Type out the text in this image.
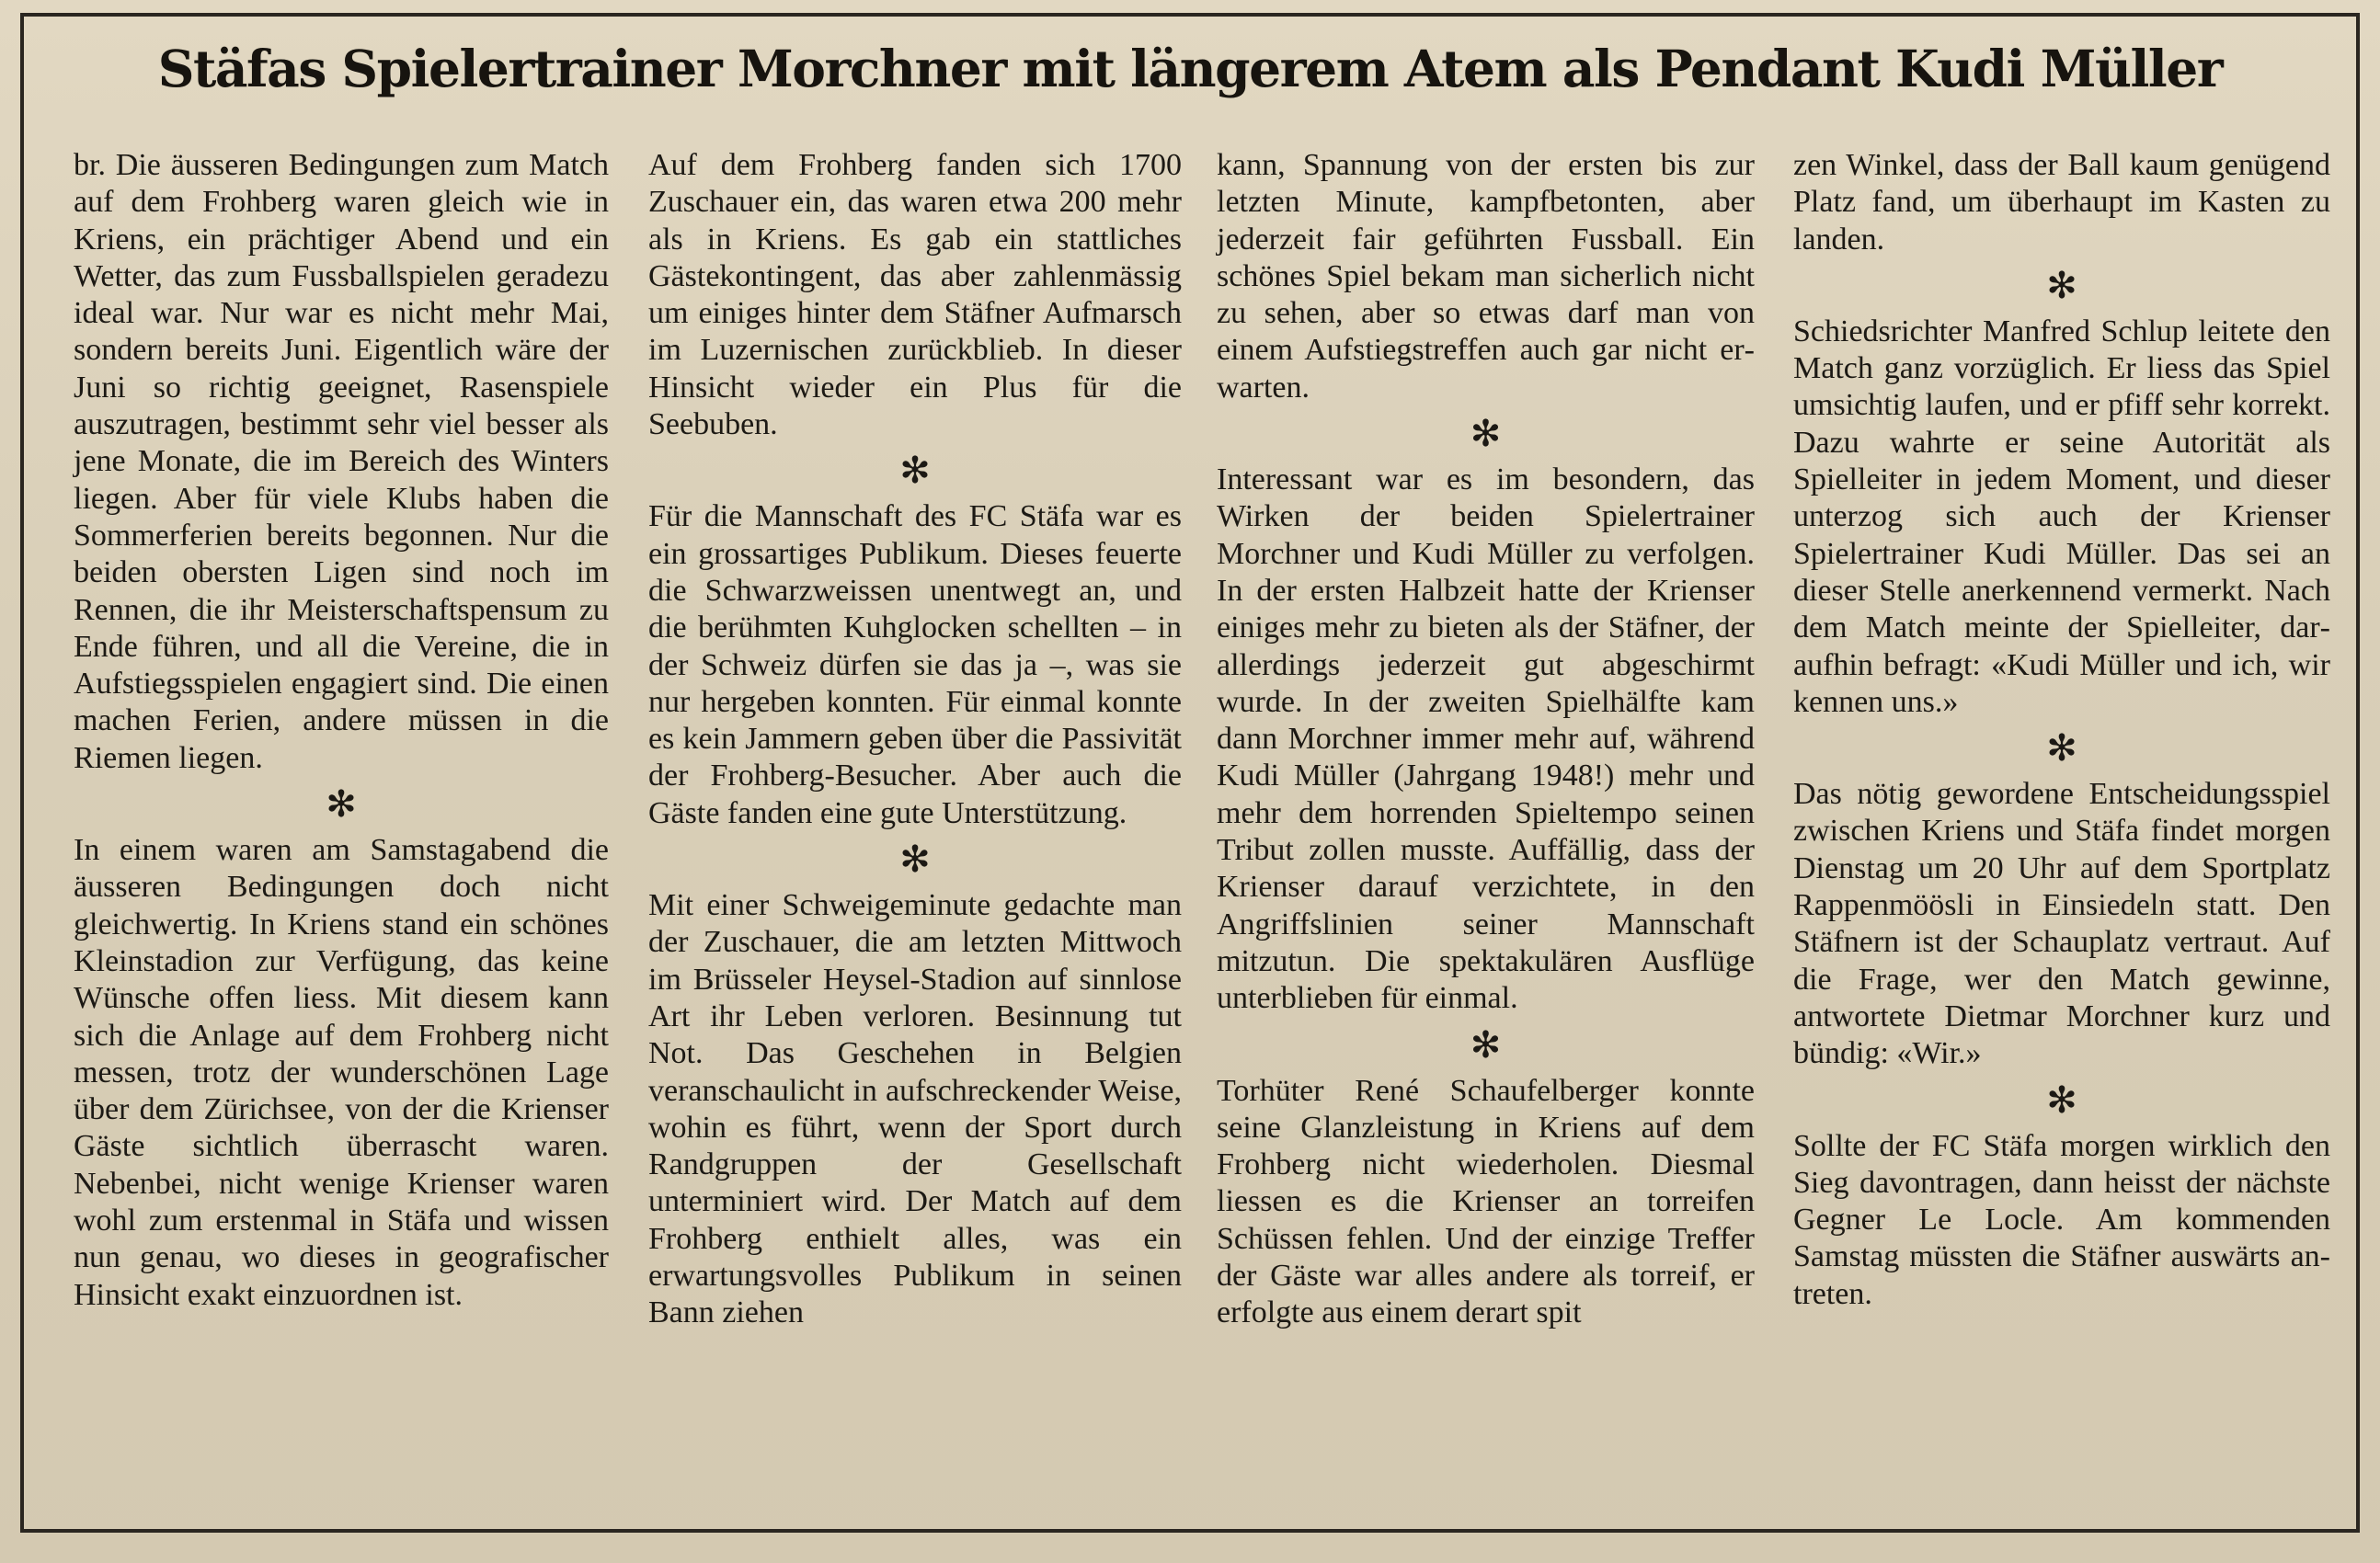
Stäfas Spielertrainer Morchner mit längerem Atem als Pendant Kudi Müller

br. Die äusseren Bedingungen zum Match auf dem Frohberg waren gleich wie in Kriens, ein prächtiger Abend und ein Wetter, das zum Fussballspielen geradezu ideal war. Nur war es nicht mehr Mai, sondern bereits Juni. Eigentlich wäre der Juni so richtig geeignet, Rasenspiele auszutragen, bestimmt sehr viel besser als jene Monate, die im Bereich des Winters liegen. Aber für viele Klubs haben die Sommerferien bereits begonnen. Nur die beiden obersten Ligen sind noch im Rennen, die ihr Meisterschaftspensum zu Ende führen, und all die Vereine, die in Aufstiegsspielen engagiert sind. Die einen machen Ferien, andere müssen in die Riemen liegen.

✻

In einem waren am Samstagabend die äusseren Bedingungen doch nicht gleichwertig. In Kriens stand ein schönes Kleinstadion zur Verfügung, das keine Wünsche offen liess. Mit diesem kann sich die Anlage auf dem Frohberg nicht messen, trotz der wunderschönen Lage über dem Zürichsee, von der die Krienser Gäste sichtlich überrascht waren. Nebenbei, nicht wenige Krienser waren wohl zum erstenmal in Stäfa und wissen nun genau, wo dieses in geografischer Hinsicht exakt einzuordnen ist.

Auf dem Frohberg fanden sich 1700 Zuschauer ein, das waren etwa 200 mehr als in Kriens. Es gab ein stattliches Gästekontingent, das aber zahlenmässig um einiges hinter dem Stäfner Aufmarsch im Luzernischen zurückblieb. In dieser Hinsicht wieder ein Plus für die Seebuben.

✻

Für die Mannschaft des FC Stäfa war es ein grossartiges Publikum. Dieses feuerte die Schwarzweissen unentwegt an, und die berühmten Kuhglocken schellten – in der Schweiz dürfen sie das ja –, was sie nur hergeben konnten. Für einmal konnte es kein Jammern geben über die Passivität der Frohberg-Besucher. Aber auch die Gäste fanden eine gute Unterstützung.

✻

Mit einer Schweigeminute gedachte man der Zuschauer, die am letzten Mittwoch im Brüsseler Heysel-Stadion auf sinnlose Art ihr Leben verloren. Besinnung tut Not. Das Geschehen in Belgien veranschaulicht in aufschreckender Weise, wohin es führt, wenn der Sport durch Randgruppen der Gesellschaft unterminiert wird. Der Match auf dem Frohberg enthielt alles, was ein erwartungsvolles Publikum in seinen Bann ziehen

kann, Spannung von der ersten bis zur letzten Minute, kampfbetonten, aber jederzeit fair geführten Fussball. Ein schönes Spiel bekam man sicherlich nicht zu sehen, aber so etwas darf man von einem Aufstiegstreffen auch gar nicht erwarten.

✻

Interessant war es im besondern, das Wirken der beiden Spielertrainer Morchner und Kudi Müller zu verfolgen. In der ersten Halbzeit hatte der Krienser einiges mehr zu bieten als der Stäfner, der allerdings jederzeit gut abgeschirmt wurde. In der zweiten Spielhälfte kam dann Morchner immer mehr auf, während Kudi Müller (Jahrgang 1948!) mehr und mehr dem horrenden Spieltempo seinen Tribut zollen musste. Auffällig, dass der Krienser darauf verzichtete, in den Angriffslinien seiner Mannschaft mitzutun. Die spektakulären Ausflüge unterblieben für einmal.

✻

Torhüter René Schaufelberger konnte seine Glanzleistung in Kriens auf dem Frohberg nicht wiederholen. Diesmal liessen es die Krienser an torreifen Schüssen fehlen. Und der einzige Treffer der Gäste war alles andere als torreif, er erfolgte aus einem derart spit

zen Winkel, dass der Ball kaum genügend Platz fand, um überhaupt im Kasten zu landen.

✻

Schiedsrichter Manfred Schlup leitete den Match ganz vorzüglich. Er liess das Spiel umsichtig laufen, und er pfiff sehr korrekt. Dazu wahrte er seine Autorität als Spielleiter in jedem Moment, und dieser unterzog sich auch der Krienser Spielertrainer Kudi Müller. Das sei an dieser Stelle anerkennend vermerkt. Nach dem Match meinte der Spielleiter, daraufhin befragt: «Kudi Müller und ich, wir kennen uns.»

✻

Das nötig gewordene Entscheidungsspiel zwischen Kriens und Stäfa findet morgen Dienstag um 20 Uhr auf dem Sportplatz Rappenmöösli in Einsiedeln statt. Den Stäfnern ist der Schauplatz vertraut. Auf die Frage, wer den Match gewinne, antwortete Dietmar Morchner kurz und bündig: «Wir.»

✻

Sollte der FC Stäfa morgen wirklich den Sieg davontragen, dann heisst der nächste Gegner Le Locle. Am kommenden Samstag müssten die Stäfner auswärts antreten.
